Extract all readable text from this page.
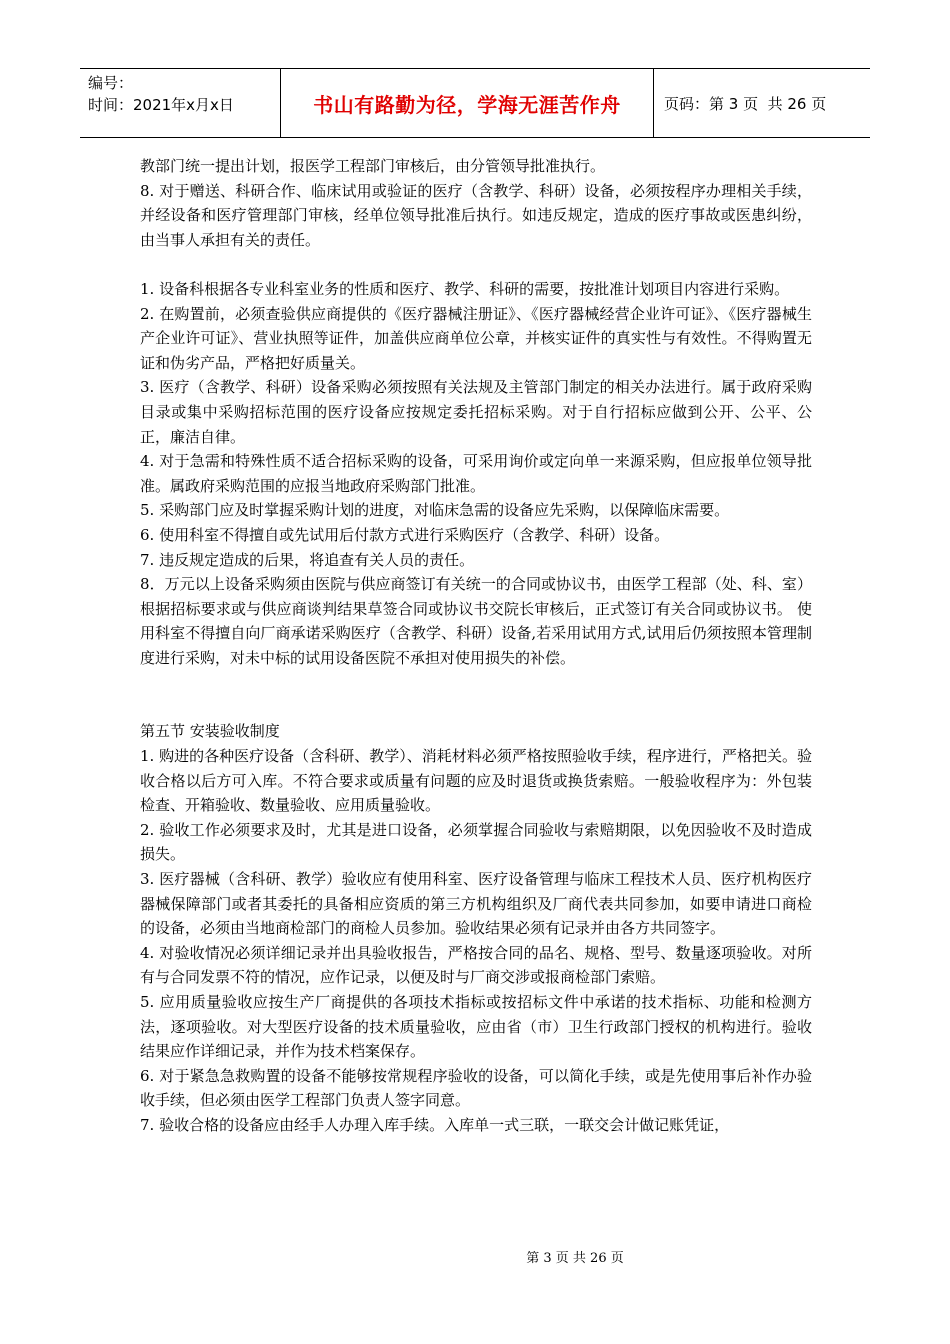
编号：
时间：2021年x月x日	书山有路勤为径，学海无涯苦作舟	页码：第 3 页  共 26 页

教部门统一提出计划，报医学工程部门审核后，由分管领导批准执行。

8. 对于赠送、科研合作、临床试用或验证的医疗（含教学、科研）设备，必须按程序办理相关手续，并经设备和医疗管理部门审核，经单位领导批准后执行。如违反规定，造成的医疗事故或医患纠纷，由当事人承担有关的责任。

1. 设备科根据各专业科室业务的性质和医疗、教学、科研的需要，按批准计划项目内容进行采购。

2. 在购置前，必须查验供应商提供的《医疗器械注册证》、《医疗器械经营企业许可证》、《医疗器械生产企业许可证》、营业执照等证件，加盖供应商单位公章，并核实证件的真实性与有效性。不得购置无证和伪劣产品，严格把好质量关。

3. 医疗（含教学、科研）设备采购必须按照有关法规及主管部门制定的相关办法进行。属于政府采购目录或集中采购招标范围的医疗设备应按规定委托招标采购。对于自行招标应做到公开、公平、公正，廉洁自律。

4. 对于急需和特殊性质不适合招标采购的设备，可采用询价或定向单一来源采购，但应报单位领导批准。属政府采购范围的应报当地政府采购部门批准。

5. 采购部门应及时掌握采购计划的进度，对临床急需的设备应先采购，以保障临床需要。

6. 使用科室不得擅自或先试用后付款方式进行采购医疗（含教学、科研）设备。

7. 违反规定造成的后果，将追查有关人员的责任。

8．万元以上设备采购须由医院与供应商签订有关统一的合同或协议书，由医学工程部（处、科、室）根据招标要求或与供应商谈判结果草签合同或协议书交院长审核后，正式签订有关合同或协议书。 使用科室不得擅自向厂商承诺采购医疗（含教学、科研）设备,若采用试用方式,试用后仍须按照本管理制度进行采购，对未中标的试用设备医院不承担对使用损失的补偿。

第五节 安装验收制度

1. 购进的各种医疗设备（含科研、教学）、消耗材料必须严格按照验收手续，程序进行，严格把关。验收合格以后方可入库。不符合要求或质量有问题的应及时退货或换货索赔。一般验收程序为：外包装检查、开箱验收、数量验收、应用质量验收。

2. 验收工作必须要求及时，尤其是进口设备，必须掌握合同验收与索赔期限，以免因验收不及时造成损失。

3. 医疗器械（含科研、教学）验收应有使用科室、医疗设备管理与临床工程技术人员、医疗机构医疗器械保障部门或者其委托的具备相应资质的第三方机构组织及厂商代表共同参加，如要申请进口商检的设备，必须由当地商检部门的商检人员参加。验收结果必须有记录并由各方共同签字。

4. 对验收情况必须详细记录并出具验收报告，严格按合同的品名、规格、型号、数量逐项验收。对所有与合同发票不符的情况，应作记录，以便及时与厂商交涉或报商检部门索赔。

5. 应用质量验收应按生产厂商提供的各项技术指标或按招标文件中承诺的技术指标、功能和检测方法，逐项验收。对大型医疗设备的技术质量验收，应由省（市）卫生行政部门授权的机构进行。验收结果应作详细记录，并作为技术档案保存。

6. 对于紧急急救购置的设备不能够按常规程序验收的设备，可以简化手续，或是先使用事后补作办验收手续，但必须由医学工程部门负责人签字同意。

7. 验收合格的设备应由经手人办理入库手续。入库单一式三联，一联交会计做记账凭证，

第 3 页 共 26 页
